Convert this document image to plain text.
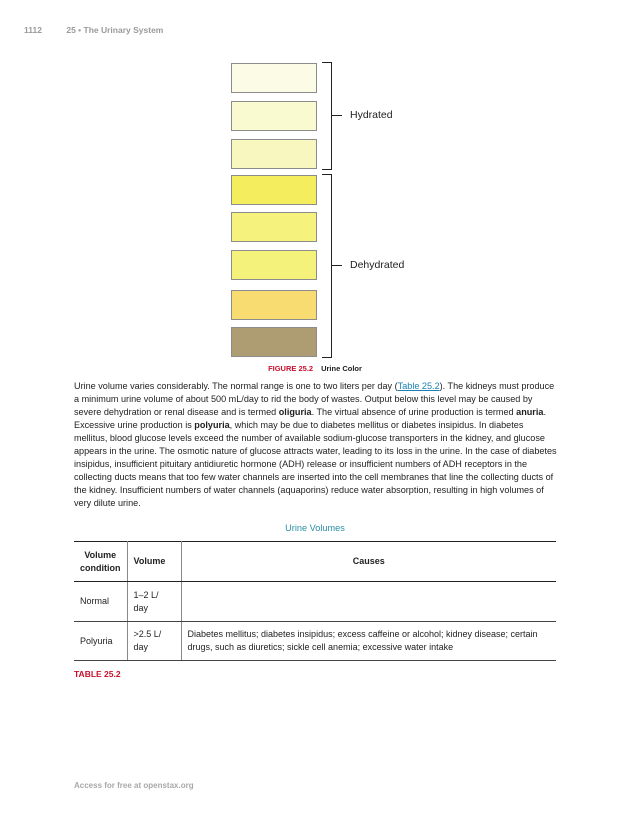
1112	25 • The Urinary System
Hydrated
Dehydrated
FIGURE 25.2 Urine Color

Urine volume varies considerably. The normal range is one to two liters per day (Table 25.2). The kidneys must produce a minimum urine volume of about 500 mL/day to rid the body of wastes. Output below this level may be caused by severe dehydration or renal disease and is termed oliguria. The virtual absence of urine production is termed anuria. Excessive urine production is polyuria, which may be due to diabetes mellitus or diabetes insipidus. In diabetes mellitus, blood glucose levels exceed the number of available sodium-glucose transporters in the kidney, and glucose appears in the urine. The osmotic nature of glucose attracts water, leading to its loss in the urine. In the case of diabetes insipidus, insufficient pituitary antidiuretic hormone (ADH) release or insufficient numbers of ADH receptors in the collecting ducts means that too few water channels are inserted into the cell membranes that line the collecting ducts of the kidney. Insufficient numbers of water channels (aquaporins) reduce water absorption, resulting in high volumes of very dilute urine.

Urine Volumes
Volume condition	Volume	Causes
Normal	1–2 L/ day	
Polyuria	>2.5 L/ day	Diabetes mellitus; diabetes insipidus; excess caffeine or alcohol; kidney disease; certain drugs, such as diuretics; sickle cell anemia; excessive water intake
TABLE 25.2
Access for free at openstax.org
